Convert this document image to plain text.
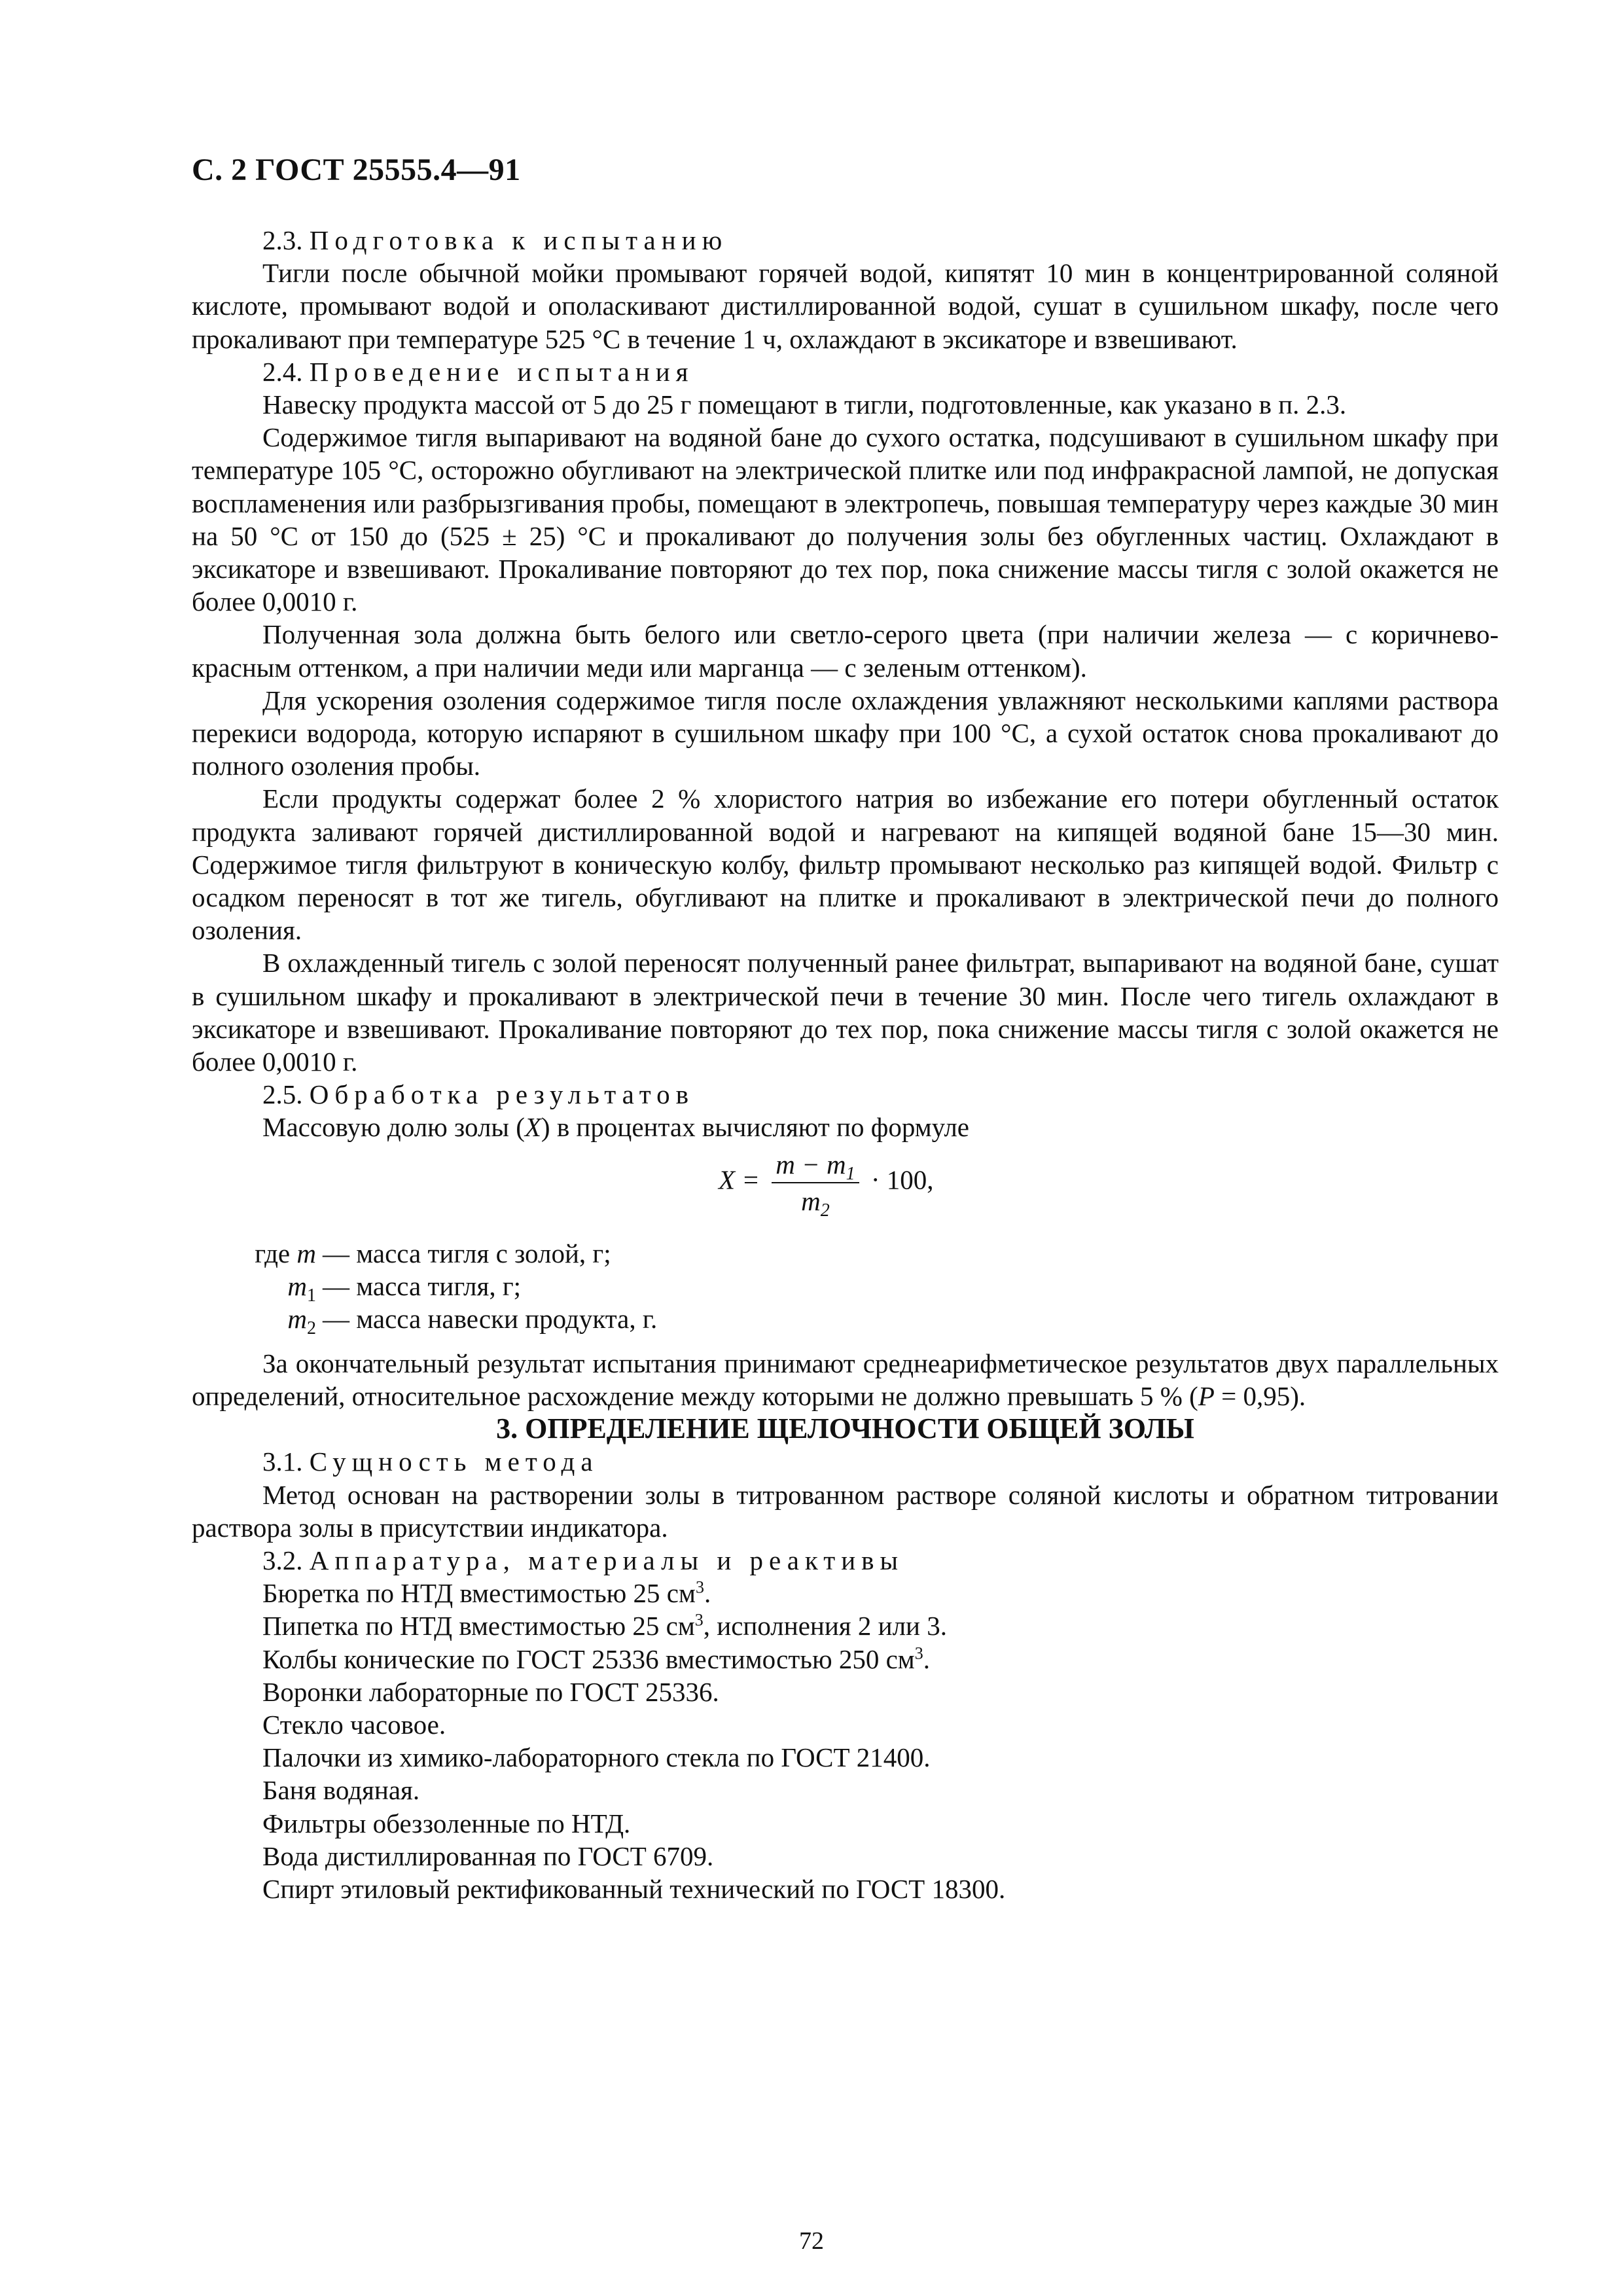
С. 2 ГОСТ 25555.4—91

2.3. Подготовка к испытанию

Тигли после обычной мойки промывают горячей водой, кипятят 10 мин в концентрированной соляной кислоте, промывают водой и ополаскивают дистиллированной водой, сушат в сушильном шкафу, после чего прокаливают при температуре 525 °С в течение 1 ч, охлаждают в эксикаторе и взвешивают.

2.4. Проведение испытания

Навеску продукта массой от 5 до 25 г помещают в тигли, подготовленные, как указано в п. 2.3.

Содержимое тигля выпаривают на водяной бане до сухого остатка, подсушивают в сушильном шкафу при температуре 105 °С, осторожно обугливают на электрической плитке или под инфракрасной лампой, не допуская воспламенения или разбрызгивания пробы, помещают в электропечь, повышая температуру через каждые 30 мин на 50 °С от 150 до (525 ± 25) °С и прокаливают до получения золы без обугленных частиц. Охлаждают в эксикаторе и взвешивают. Прокаливание повторяют до тех пор, пока снижение массы тигля с золой окажется не более 0,0010 г.

Полученная зола должна быть белого или светло-серого цвета (при наличии железа — с коричнево-красным оттенком, а при наличии меди или марганца — с зеленым оттенком).

Для ускорения озоления содержимое тигля после охлаждения увлажняют несколькими каплями раствора перекиси водорода, которую испаряют в сушильном шкафу при 100 °С, а сухой остаток снова прокаливают до полного озоления пробы.

Если продукты содержат более 2 % хлористого натрия во избежание его потери обугленный остаток продукта заливают горячей дистиллированной водой и нагревают на кипящей водяной бане 15—30 мин. Содержимое тигля фильтруют в коническую колбу, фильтр промывают несколько раз кипящей водой. Фильтр с осадком переносят в тот же тигель, обугливают на плитке и прокаливают в электрической печи до полного озоления.

В охлажденный тигель с золой переносят полученный ранее фильтрат, выпаривают на водяной бане, сушат в сушильном шкафу и прокаливают в электрической печи в течение 30 мин. После чего тигель охлаждают в эксикаторе и взвешивают. Прокаливание повторяют до тех пор, пока снижение массы тигля с золой окажется не более 0,0010 г.

2.5. Обработка результатов

Массовую долю золы (X) в процентах вычисляют по формуле

$X = \frac{m - m_1}{m_2} \cdot 100$,
где m — масса тигля с золой, г;
$m_1$ — масса тигля, г;
$m_2$ — масса навески продукта, г.

За окончательный результат испытания принимают среднеарифметическое результатов двух параллельных определений, относительное расхождение между которыми не должно превышать 5 % (P = 0,95).

3. ОПРЕДЕЛЕНИЕ ЩЕЛОЧНОСТИ ОБЩЕЙ ЗОЛЫ

3.1. Сущность метода

Метод основан на растворении золы в титрованном растворе соляной кислоты и обратном титровании раствора золы в присутствии индикатора.

3.2. Аппаратура, материалы и реактивы

Бюретка по НТД вместимостью 25 $см^3$.

Пипетка по НТД вместимостью 25 $см^3$, исполнения 2 или 3.

Колбы конические по ГОСТ 25336 вместимостью 250 $см^3$.

Воронки лабораторные по ГОСТ 25336.

Стекло часовое.

Палочки из химико-лабораторного стекла по ГОСТ 21400.

Баня водяная.

Фильтры обеззоленные по НТД.

Вода дистиллированная по ГОСТ 6709.

Спирт этиловый ректификованный технический по ГОСТ 18300.

72
